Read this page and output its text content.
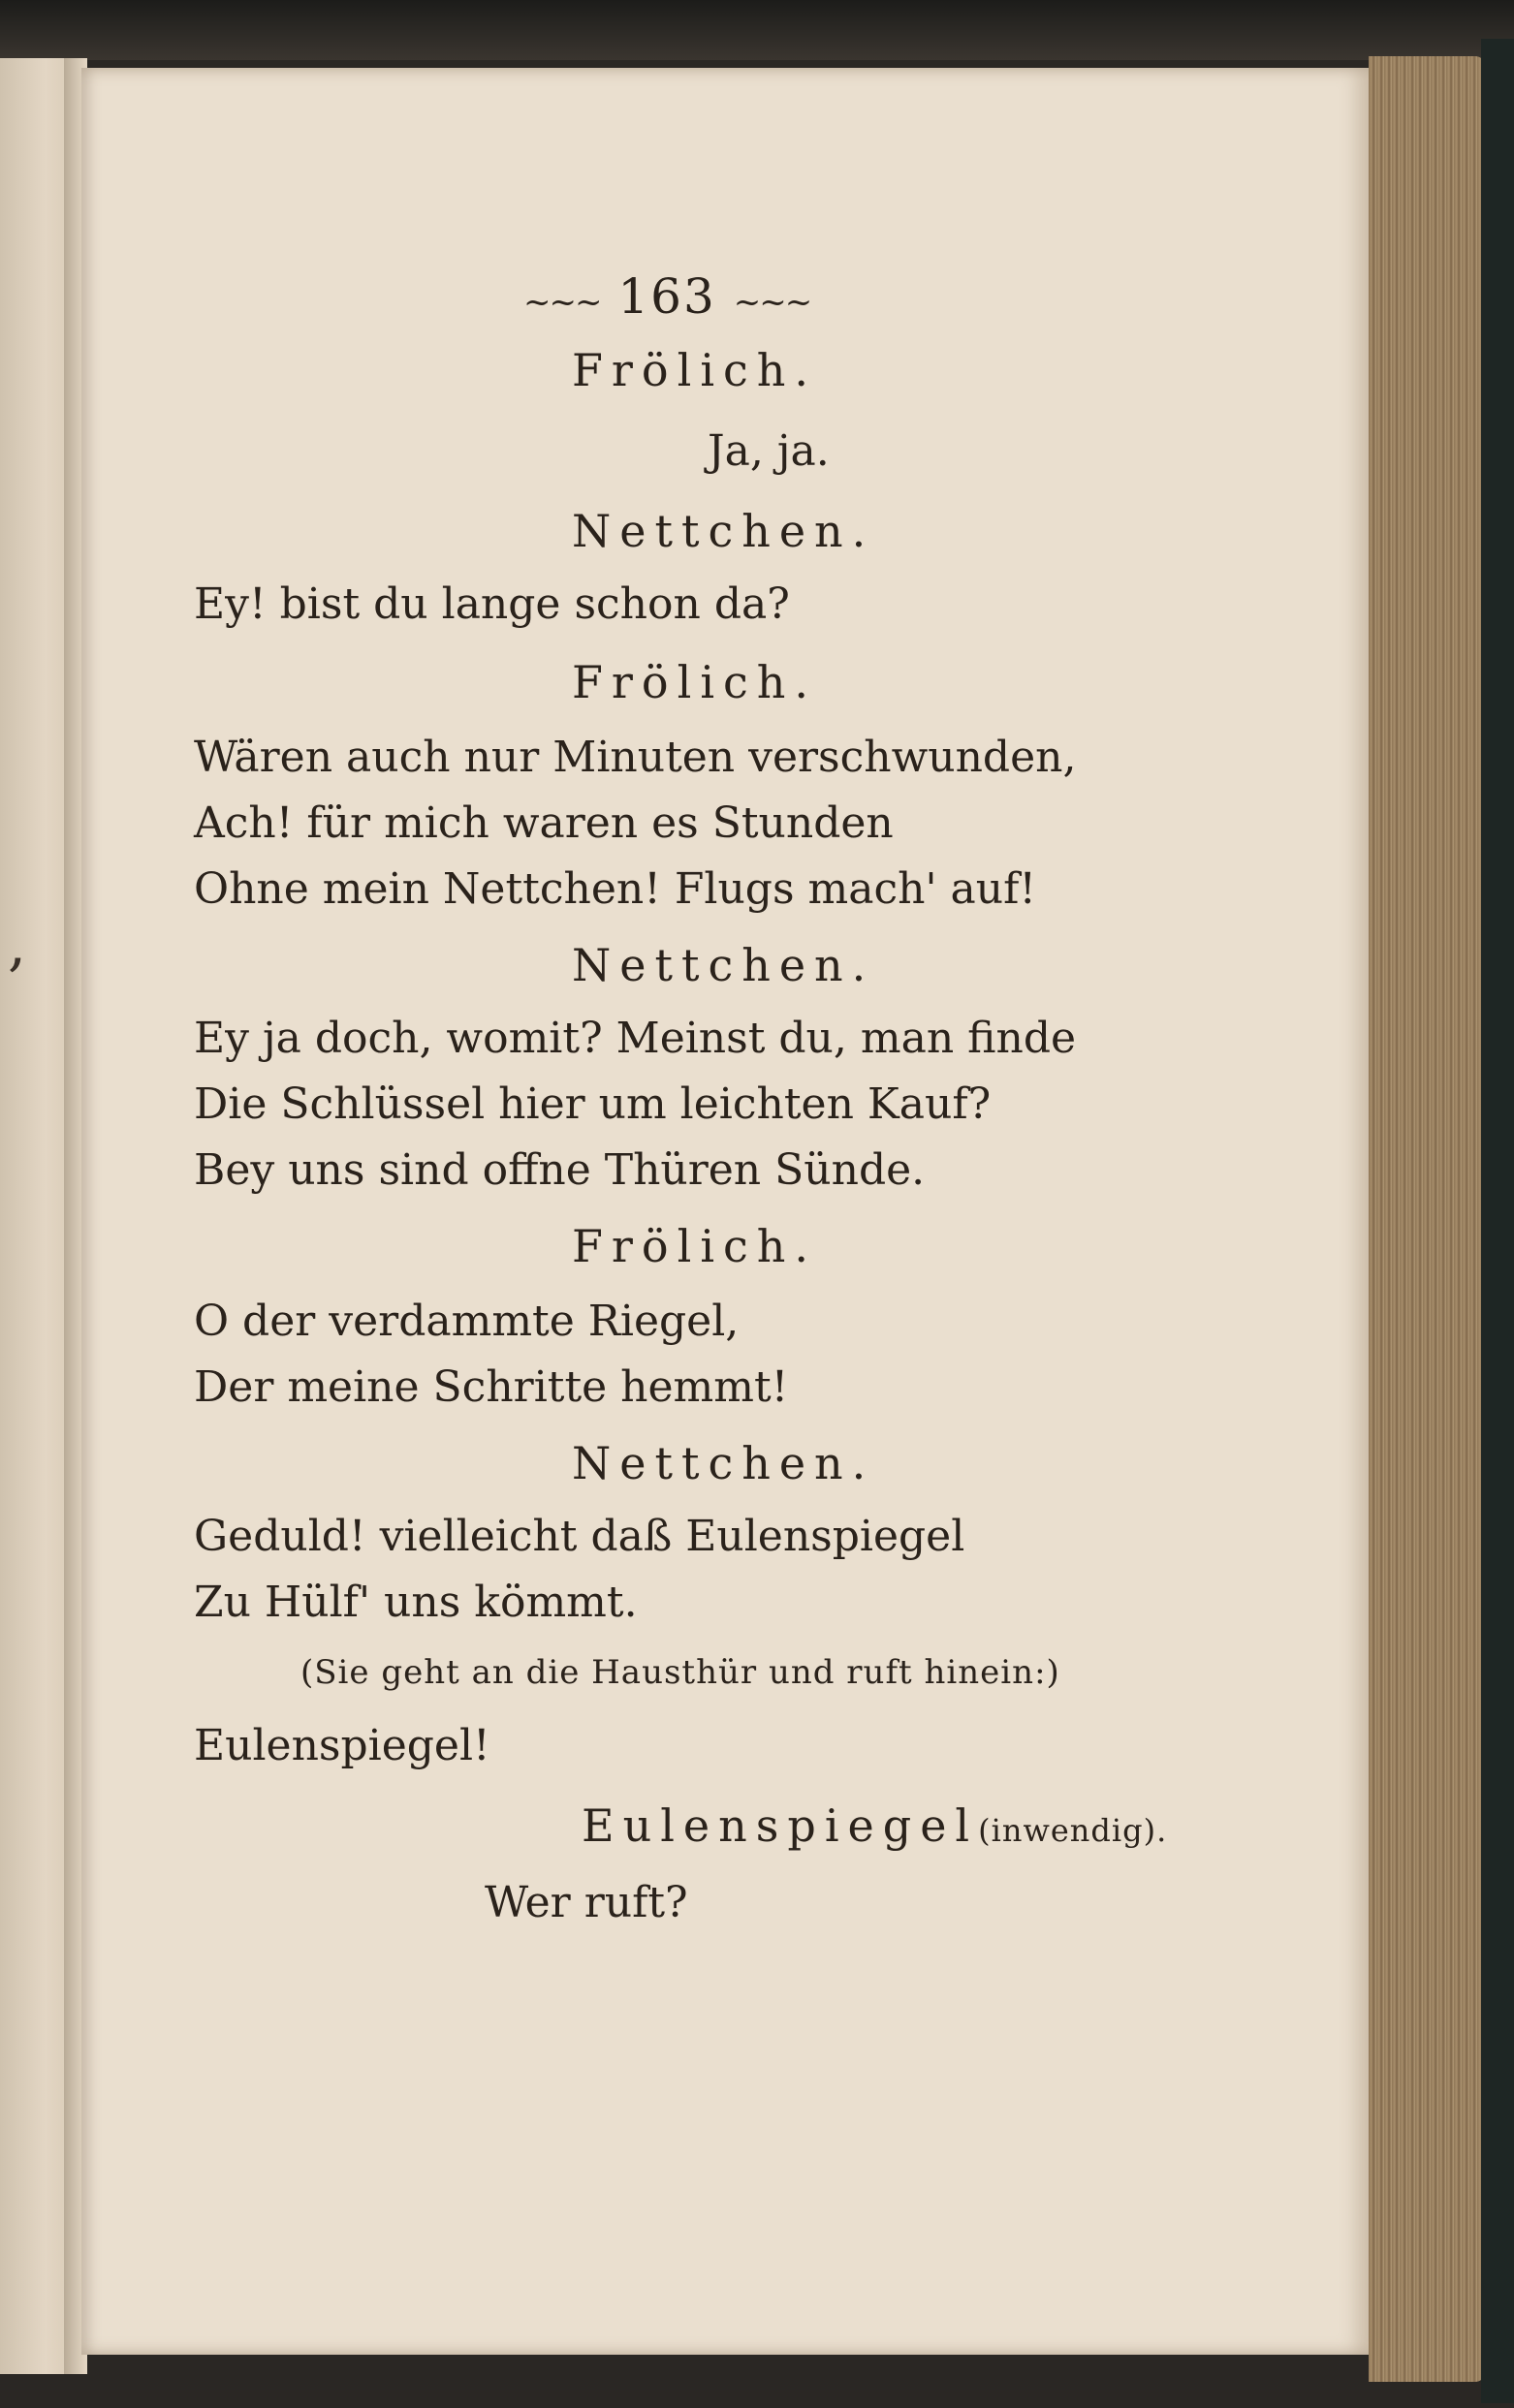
,
~~~ 163 ~~~
Frölich.
Ja, ja.
Nettchen.
Ey! bist du lange schon da?
Frölich.
Wären auch nur Minuten verschwunden,
Ach! für mich waren es Stunden
Ohne mein Nettchen! Flugs mach' auf!
Nettchen.
Ey ja doch, womit? Meinst du, man finde
Die Schlüssel hier um leichten Kauf?
Bey uns sind offne Thüren Sünde.
Frölich.
O der verdammte Riegel,
Der meine Schritte hemmt!
Nettchen.
Geduld! vielleicht daß Eulenspiegel
Zu Hülf' uns kömmt.
(Sie geht an die Hausthür und ruft hinein:)
Eulenspiegel!
Eulenspiegel(inwendig).
Wer ruft?
